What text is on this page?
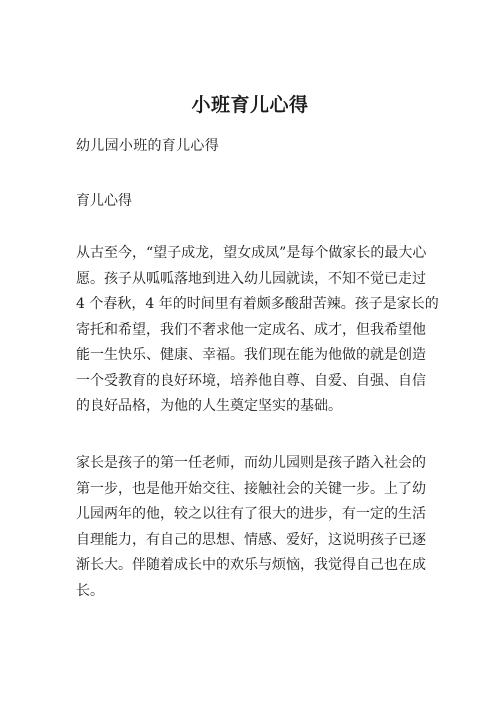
小班育儿心得
幼儿园小班的育儿心得
育儿心得

从古至今，“望子成龙，望女成凤”是每个做家长的最大心
愿。孩子从呱呱落地到进入幼儿园就读，不知不觉已走过
4 个春秋，4 年的时间里有着颇多酸甜苦辣。孩子是家长的
寄托和希望，我们不奢求他一定成名、成才，但我希望他
能一生快乐、健康、幸福。我们现在能为他做的就是创造
一个受教育的良好环境，培养他自尊、自爱、自强、自信
的良好品格，为他的人生奠定坚实的基础。

家长是孩子的第一任老师，而幼儿园则是孩子踏入社会的
第一步，也是他开始交往、接触社会的关键一步。上了幼
儿园两年的他，较之以往有了很大的进步，有一定的生活
自理能力，有自己的思想、情感、爱好，这说明孩子已逐
渐长大。伴随着成长中的欢乐与烦恼，我觉得自己也在成
长。
